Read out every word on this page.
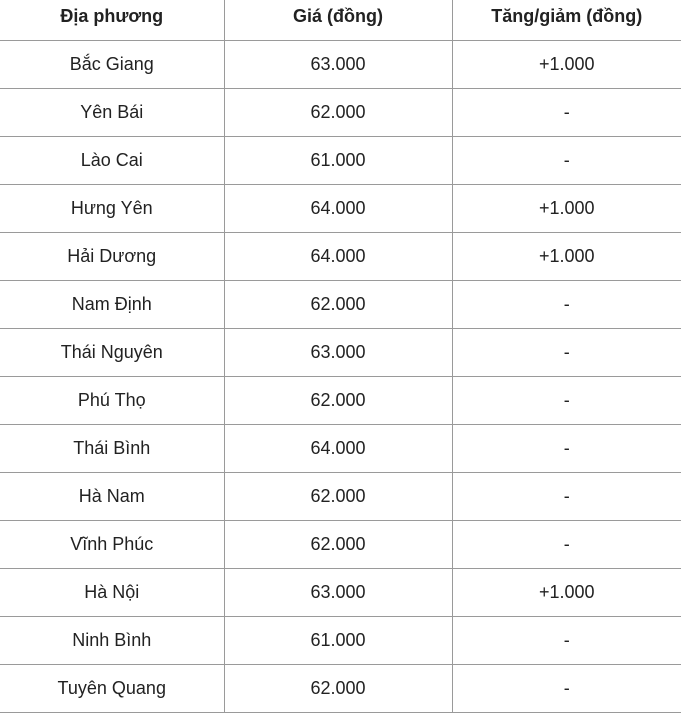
Địa phương	Giá (đồng)	Tăng/giảm (đồng)
Bắc Giang	63.000	+1.000
Yên Bái	62.000	-
Lào Cai	61.000	-
Hưng Yên	64.000	+1.000
Hải Dương	64.000	+1.000
Nam Định	62.000	-
Thái Nguyên	63.000	-
Phú Thọ	62.000	-
Thái Bình	64.000	-
Hà Nam	62.000	-
Vĩnh Phúc	62.000	-
Hà Nội	63.000	+1.000
Ninh Bình	61.000	-
Tuyên Quang	62.000	-
